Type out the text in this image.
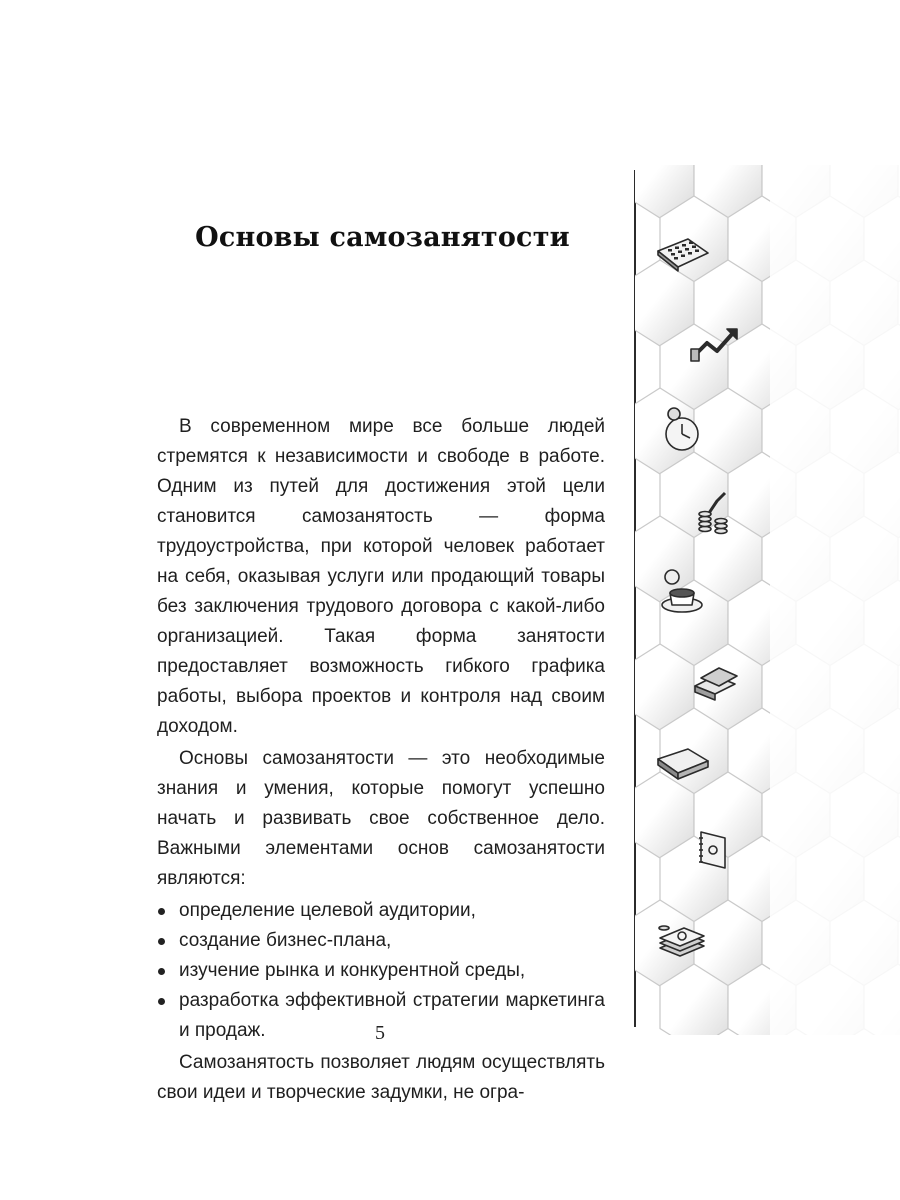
Основы самозанятости

В современном мире все больше людей стремятся к независимости и свободе в работе. Одним из путей для достижения этой цели становится самозанятость — форма трудоустройства, при которой человек работает на себя, оказывая услуги или продающий товары без заключения трудового договора с какой-либо организацией. Такая форма занятости предоставляет возможность гибкого графика работы, выбора проектов и контроля над своим доходом.

Основы самозанятости — это необходимые знания и умения, которые помогут успешно начать и развивать свое собственное дело. Важными элементами основ самозанятости являются:

определение целевой аудитории,
создание бизнес-плана,
изучение рынка и конкурентной среды,
разработка эффективной стратегии маркетинга и продаж.

Самозанятость позволяет людям осуществлять свои идеи и творческие задумки, не огра-

5
